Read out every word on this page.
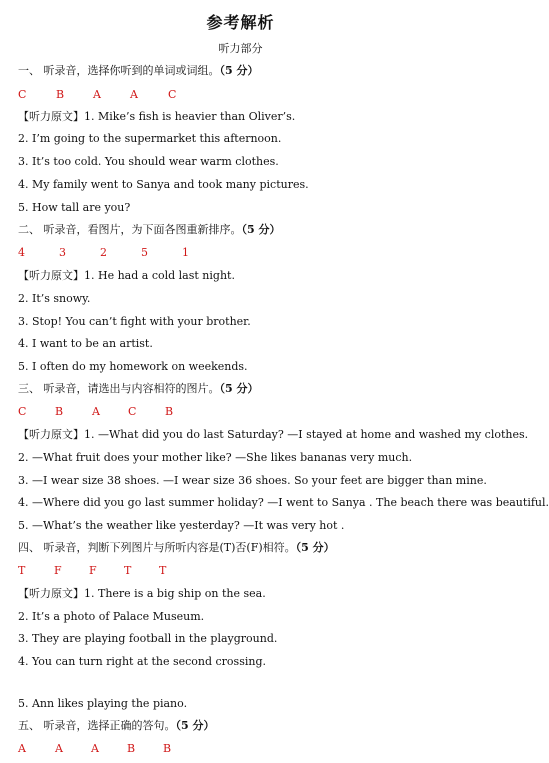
参考解析
听力部分
一、 听录音，选择你听到的单词或词组。（5 分）
C	B	A	A	C
【听力原文】1. Mike’s fish is heavier than Oliver’s.
2. I’m going to the supermarket this afternoon.
3. It’s too cold. You should wear warm clothes.
4. My family went to Sanya and took many pictures.
5. How tall are you?
二、 听录音，看图片，为下面各图重新排序。（5 分）
4	3	2	5	1
【听力原文】1. He had a cold last night.
2. It’s snowy.
3. Stop! You can’t fight with your brother.
4. I want to be an artist.
5. I often do my homework on weekends.
三、 听录音，请选出与内容相符的图片。（5 分）
C	B	A	C	B
【听力原文】1. —What did you do last Saturday? —I stayed at home and washed my clothes.
2. —What fruit does your mother like? —She likes bananas very much.
3. —I wear size 38 shoes. —I wear size 36 shoes. So your feet are bigger than mine.
4. —Where did you go last summer holiday? —I went to Sanya . The beach there was beautiful.
5. —What’s the weather like yesterday? —It was very hot .
四、 听录音，判断下列图片与所听内容是(T)否(F)相符。（5 分）
T	F F T	T
【听力原文】1. There is a big ship on the sea.
2. It’s a photo of Palace Museum.
3. They are playing football in the playground.
4. You can turn right at the second crossing.
5. Ann likes playing the piano.
五、 听录音，选择正确的答句。（5 分）
A	A	A	B	B
